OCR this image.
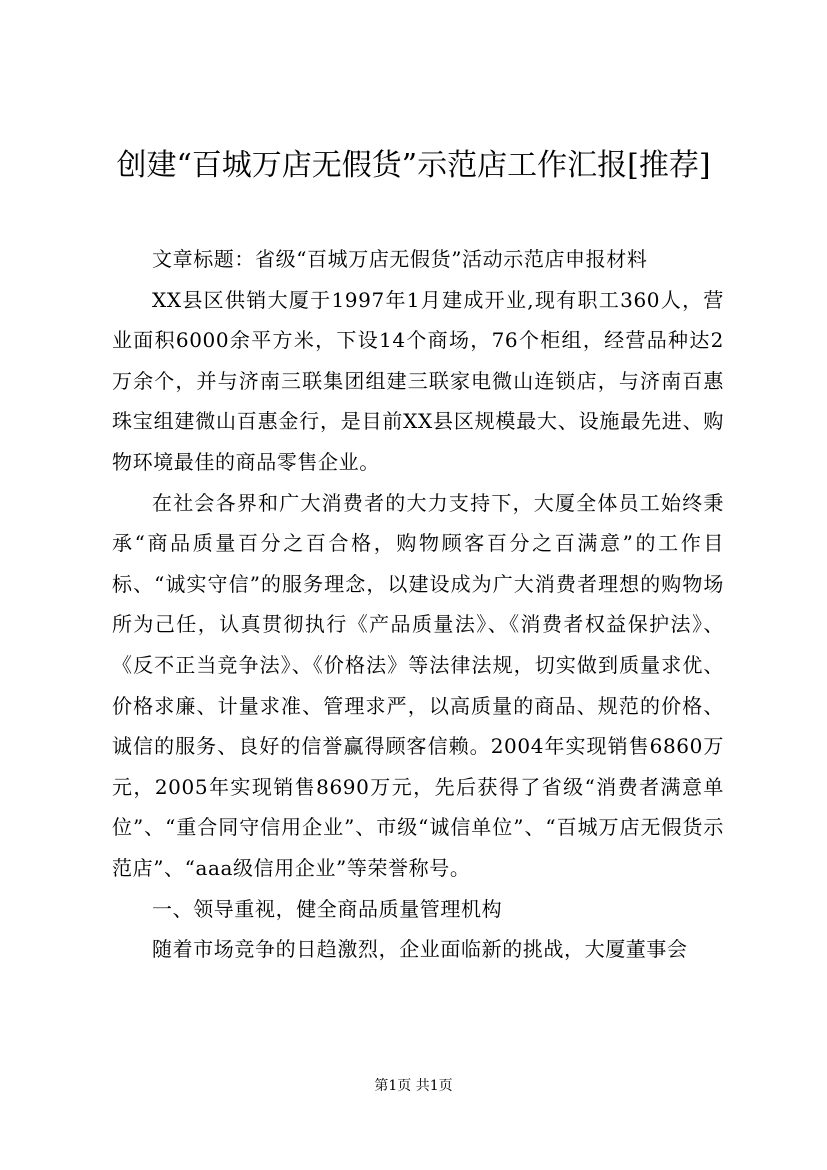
创建“百城万店无假货”示范店工作汇报[推荐]

文章标题：省级“百城万店无假货”活动示范店申报材料

XX县区供销大厦于1997年1月建成开业,现有职工360人，营业面积6000余平方米，下设14个商场，76个柜组，经营品种达2万余个，并与济南三联集团组建三联家电微山连锁店，与济南百惠珠宝组建微山百惠金行，是目前XX县区规模最大、设施最先进、购物环境最佳的商品零售企业。

在社会各界和广大消费者的大力支持下，大厦全体员工始终秉承“商品质量百分之百合格，购物顾客百分之百满意”的工作目标、“诚实守信”的服务理念，以建设成为广大消费者理想的购物场所为己任，认真贯彻执行《产品质量法》、《消费者权益保护法》、《反不正当竞争法》、《价格法》等法律法规，切实做到质量求优、价格求廉、计量求准、管理求严，以高质量的商品、规范的价格、诚信的服务、良好的信誉赢得顾客信赖。2004年实现销售6860万元，2005年实现销售8690万元，先后获得了省级“消费者满意单位”、“重合同守信用企业”、市级“诚信单位”、“百城万店无假货示范店”、“aaa级信用企业”等荣誉称号。

一、领导重视，健全商品质量管理机构

随着市场竞争的日趋激烈，企业面临新的挑战，大厦董事会

第1页 共1页
